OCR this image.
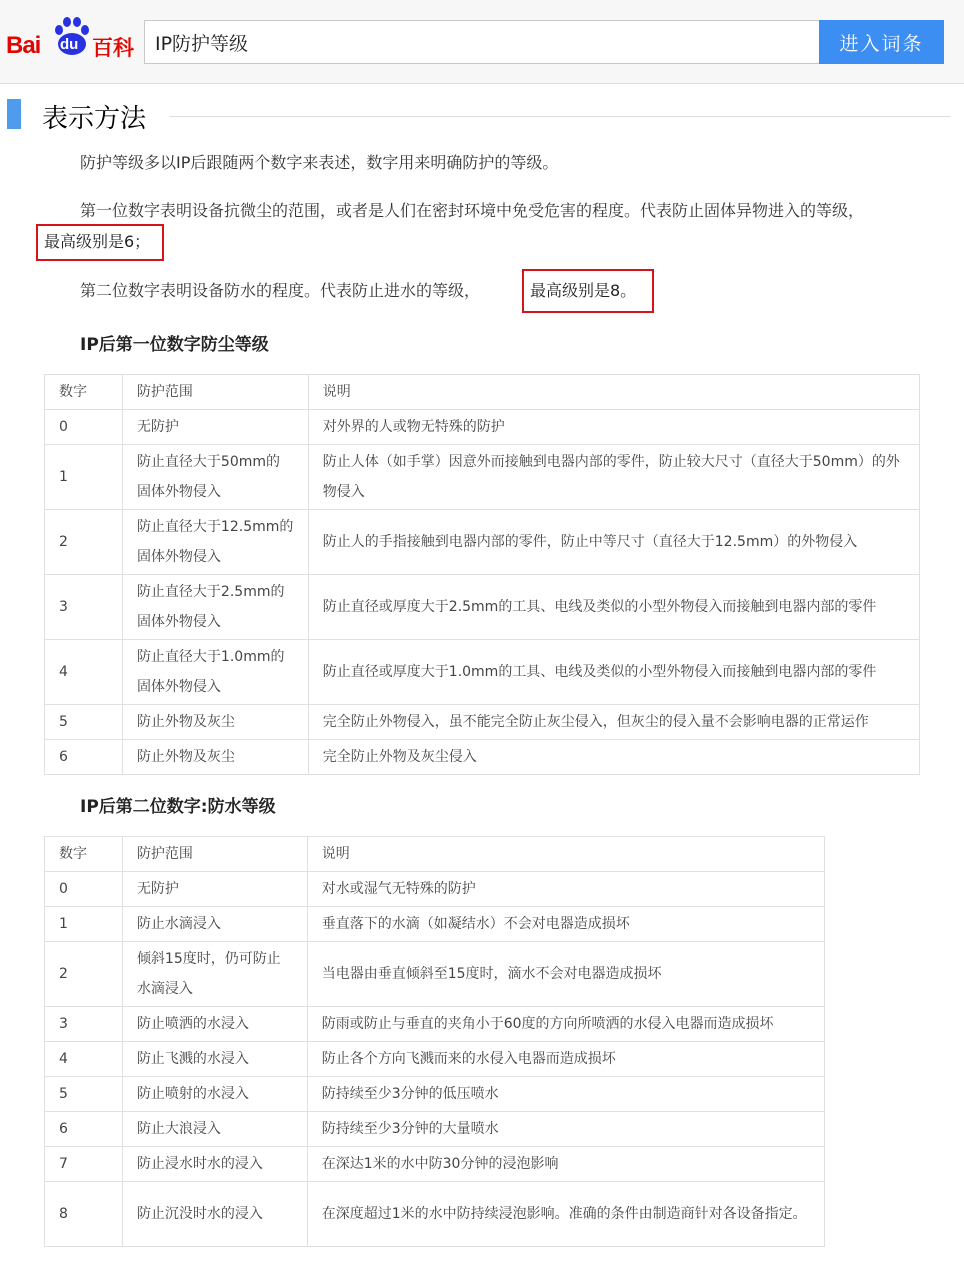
Bai du 百科
IP防护等级	进入词条
表示方法
防护等级多以IP后跟随两个数字来表述，数字用来明确防护的等级。
第一位数字表明设备抗微尘的范围，或者是人们在密封环境中免受危害的程度。代表防止固体异物进入的等级，
最高级别是6；
第二位数字表明设备防水的程度。代表防止进水的等级，	最高级别是8。
IP后第一位数字防尘等级
数字	防护范围	说明
0	无防护	对外界的人或物无特殊的防护
1	防止直径大于50mm的固体外物侵入	防止人体（如手掌）因意外而接触到电器内部的零件，防止较大尺寸（直径大于50mm）的外物侵入
2	防止直径大于12.5mm的固体外物侵入	防止人的手指接触到电器内部的零件，防止中等尺寸（直径大于12.5mm）的外物侵入
3	防止直径大于2.5mm的固体外物侵入	防止直径或厚度大于2.5mm的工具、电线及类似的小型外物侵入而接触到电器内部的零件
4	防止直径大于1.0mm的固体外物侵入	防止直径或厚度大于1.0mm的工具、电线及类似的小型外物侵入而接触到电器内部的零件
5	防止外物及灰尘	完全防止外物侵入，虽不能完全防止灰尘侵入，但灰尘的侵入量不会影响电器的正常运作
6	防止外物及灰尘	完全防止外物及灰尘侵入
IP后第二位数字:防水等级
数字	防护范围	说明
0	无防护	对水或湿气无特殊的防护
1	防止水滴浸入	垂直落下的水滴（如凝结水）不会对电器造成损坏
2	倾斜15度时，仍可防止水滴浸入	当电器由垂直倾斜至15度时，滴水不会对电器造成损坏
3	防止喷洒的水浸入	防雨或防止与垂直的夹角小于60度的方向所喷洒的水侵入电器而造成损坏
4	防止飞溅的水浸入	防止各个方向飞溅而来的水侵入电器而造成损坏
5	防止喷射的水浸入	防持续至少3分钟的低压喷水
6	防止大浪浸入	防持续至少3分钟的大量喷水
7	防止浸水时水的浸入	在深达1米的水中防30分钟的浸泡影响
8	防止沉没时水的浸入	在深度超过1米的水中防持续浸泡影响。准确的条件由制造商针对各设备指定。
